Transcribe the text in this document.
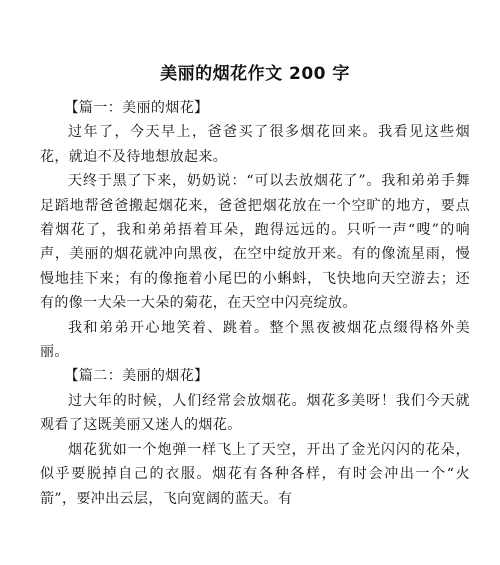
美丽的烟花作文 200 字

【篇一：美丽的烟花】

过年了，今天早上，爸爸买了很多烟花回来。我看见这些烟花，就迫不及待地想放起来。

天终于黑了下来，奶奶说：“可以去放烟花了”。我和弟弟手舞足蹈地帮爸爸搬起烟花来，爸爸把烟花放在一个空旷的地方，要点着烟花了，我和弟弟捂着耳朵，跑得远远的。只听一声“嗖”的响声，美丽的烟花就冲向黑夜，在空中绽放开来。有的像流星雨，慢慢地挂下来；有的像拖着小尾巴的小蝌蚪，飞快地向天空游去；还有的像一大朵一大朵的菊花，在天空中闪亮绽放。

我和弟弟开心地笑着、跳着。整个黑夜被烟花点缀得格外美丽。

【篇二：美丽的烟花】

过大年的时候，人们经常会放烟花。烟花多美呀！我们今天就观看了这既美丽又迷人的烟花。

烟花犹如一个炮弹一样飞上了天空，开出了金光闪闪的花朵，似乎要脱掉自己的衣服。烟花有各种各样，有时会冲出一个“火箭”，要冲出云层，飞向宽阔的蓝天。有
